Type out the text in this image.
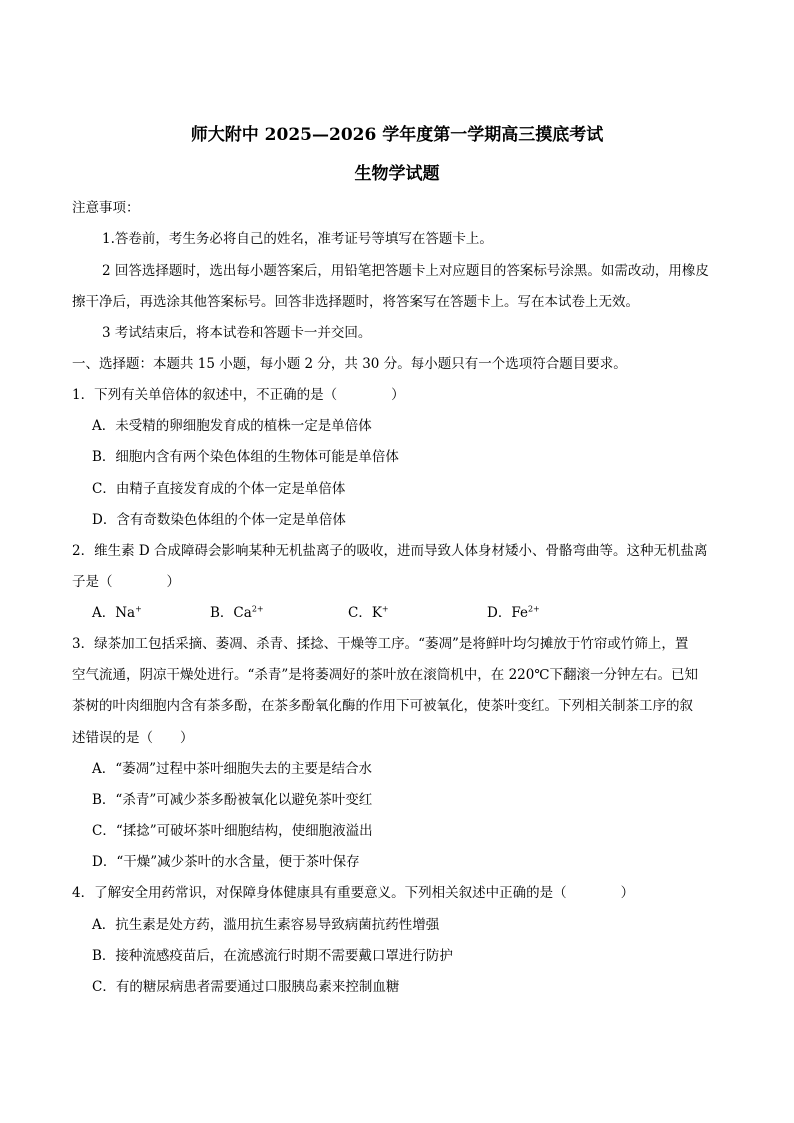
师大附中 2025—2026 学年度第一学期高三摸底考试
生物学试题
注意事项：
1.答卷前，考生务必将自己的姓名，准考证号等填写在答题卡上。
2 回答选择题时，选出每小题答案后，用铅笔把答题卡上对应题目的答案标号涂黑。如需改动，用橡皮
擦干净后，再选涂其他答案标号。回答非选择题时，将答案写在答题卡上。写在本试卷上无效。
3 考试结束后，将本试卷和答题卡一并交回。
一、选择题：本题共 15 小题，每小题 2 分，共 30 分。每小题只有一个选项符合题目要求。
1．下列有关单倍体的叙述中，不正确的是（　　　　）
A．未受精的卵细胞发育成的植株一定是单倍体
B．细胞内含有两个染色体组的生物体可能是单倍体
C．由精子直接发育成的个体一定是单倍体
D．含有奇数染色体组的个体一定是单倍体
2．维生素 D 合成障碍会影响某种无机盐离子的吸收，进而导致人体身材矮小、骨骼弯曲等。这种无机盐离
子是（　　　　）
A．Na+	B．$Ca^{2+}$	C．K+	D．$Fe^{2+}$
3．绿茶加工包括采摘、萎凋、杀青、揉捻、干燥等工序。“萎凋”是将鲜叶均匀摊放于竹帘或竹筛上，置
空气流通，阴凉干燥处进行。“杀青”是将萎凋好的茶叶放在滚筒机中，在 220℃下翻滚一分钟左右。已知
茶树的叶肉细胞内含有茶多酚，在茶多酚氧化酶的作用下可被氧化，使茶叶变红。下列相关制茶工序的叙
述错误的是（　　）
A．“萎凋”过程中茶叶细胞失去的主要是结合水
B．“杀青”可减少茶多酚被氧化以避免茶叶变红
C．“揉捻”可破坏茶叶细胞结构，使细胞液溢出
D．“干燥”减少茶叶的水含量，便于茶叶保存
4．了解安全用药常识，对保障身体健康具有重要意义。下列相关叙述中正确的是（　　　　）
A．抗生素是处方药，滥用抗生素容易导致病菌抗药性增强
B．接种流感疫苗后，在流感流行时期不需要戴口罩进行防护
C．有的糖尿病患者需要通过口服胰岛素来控制血糖
